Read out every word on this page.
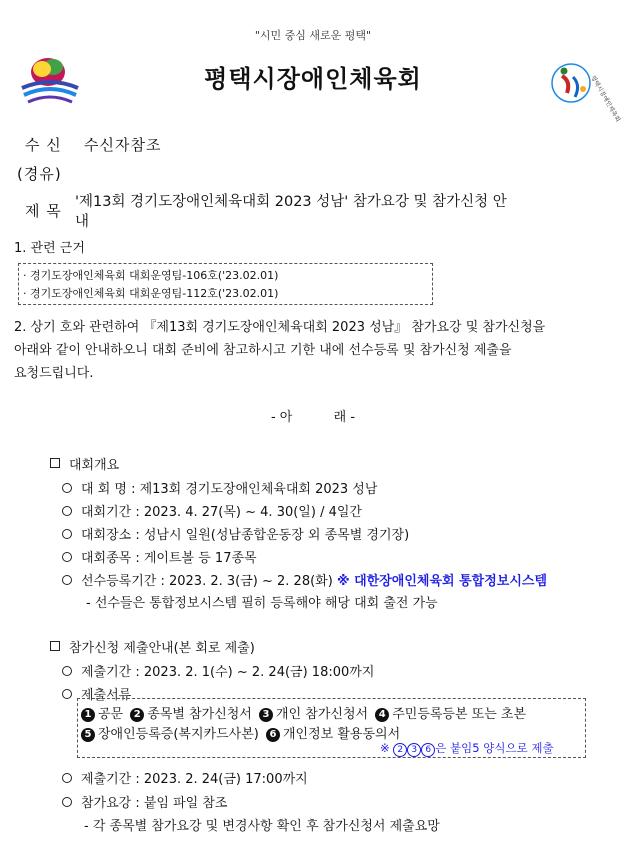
"시민 중심 새로운 평택"
평택시장애인체육회	평택시장애인체육회
수 신 수신자참조
(경유)
제 목 '제13회 경기도장애인체육대회 2023 성남' 참가요강 및 참가신청 안
내
1. 관련 근거
· 경기도장애인체육회 대회운영팀-106호('23.02.01)
· 경기도장애인체육회 대회운영팀-112호('23.02.01)
2. 상기 호와 관련하여 『제13회 경기도장애인체육대회 2023 성남』 참가요강 및 참가신청을
아래와 같이 안내하오니 대회 준비에 참고하시고 기한 내에 선수등록 및 참가신청 제출을
요청드립니다.
- 아          래 -
대회개요
대 회 명 : 제13회 경기도장애인체육대회 2023 성남
대회기간 : 2023. 4. 27(목) ~ 4. 30(일) / 4일간
대회장소 : 성남시 일원(성남종합운동장 외 종목별 경기장)
대회종목 : 게이트볼 등 17종목
선수등록기간 : 2023. 2. 3(금) ~ 2. 28(화) ※ 대한장애인체육회 통합정보시스템
- 선수들은 통합정보시스템 필히 등록해야 해당 대회 출전 가능
참가신청 제출안내(본 회로 제출)
제출기간 : 2023. 2. 1(수) ~ 2. 24(금) 18:00까지
제출서류
1 공문 2 종목별 참가신청서 3 개인 참가신청서 4 주민등록등본 또는 초본
5 장애인등록증(복지카드사본) 6 개인정보 활용동의서
※ 2 3 6 은 붙임5 양식으로 제출
제출기간 : 2023. 2. 24(금) 17:00까지
참가요강 : 붙임 파일 참조
- 각 종목별 참가요강 및 변경사항 확인 후 참가신청서 제출요망
